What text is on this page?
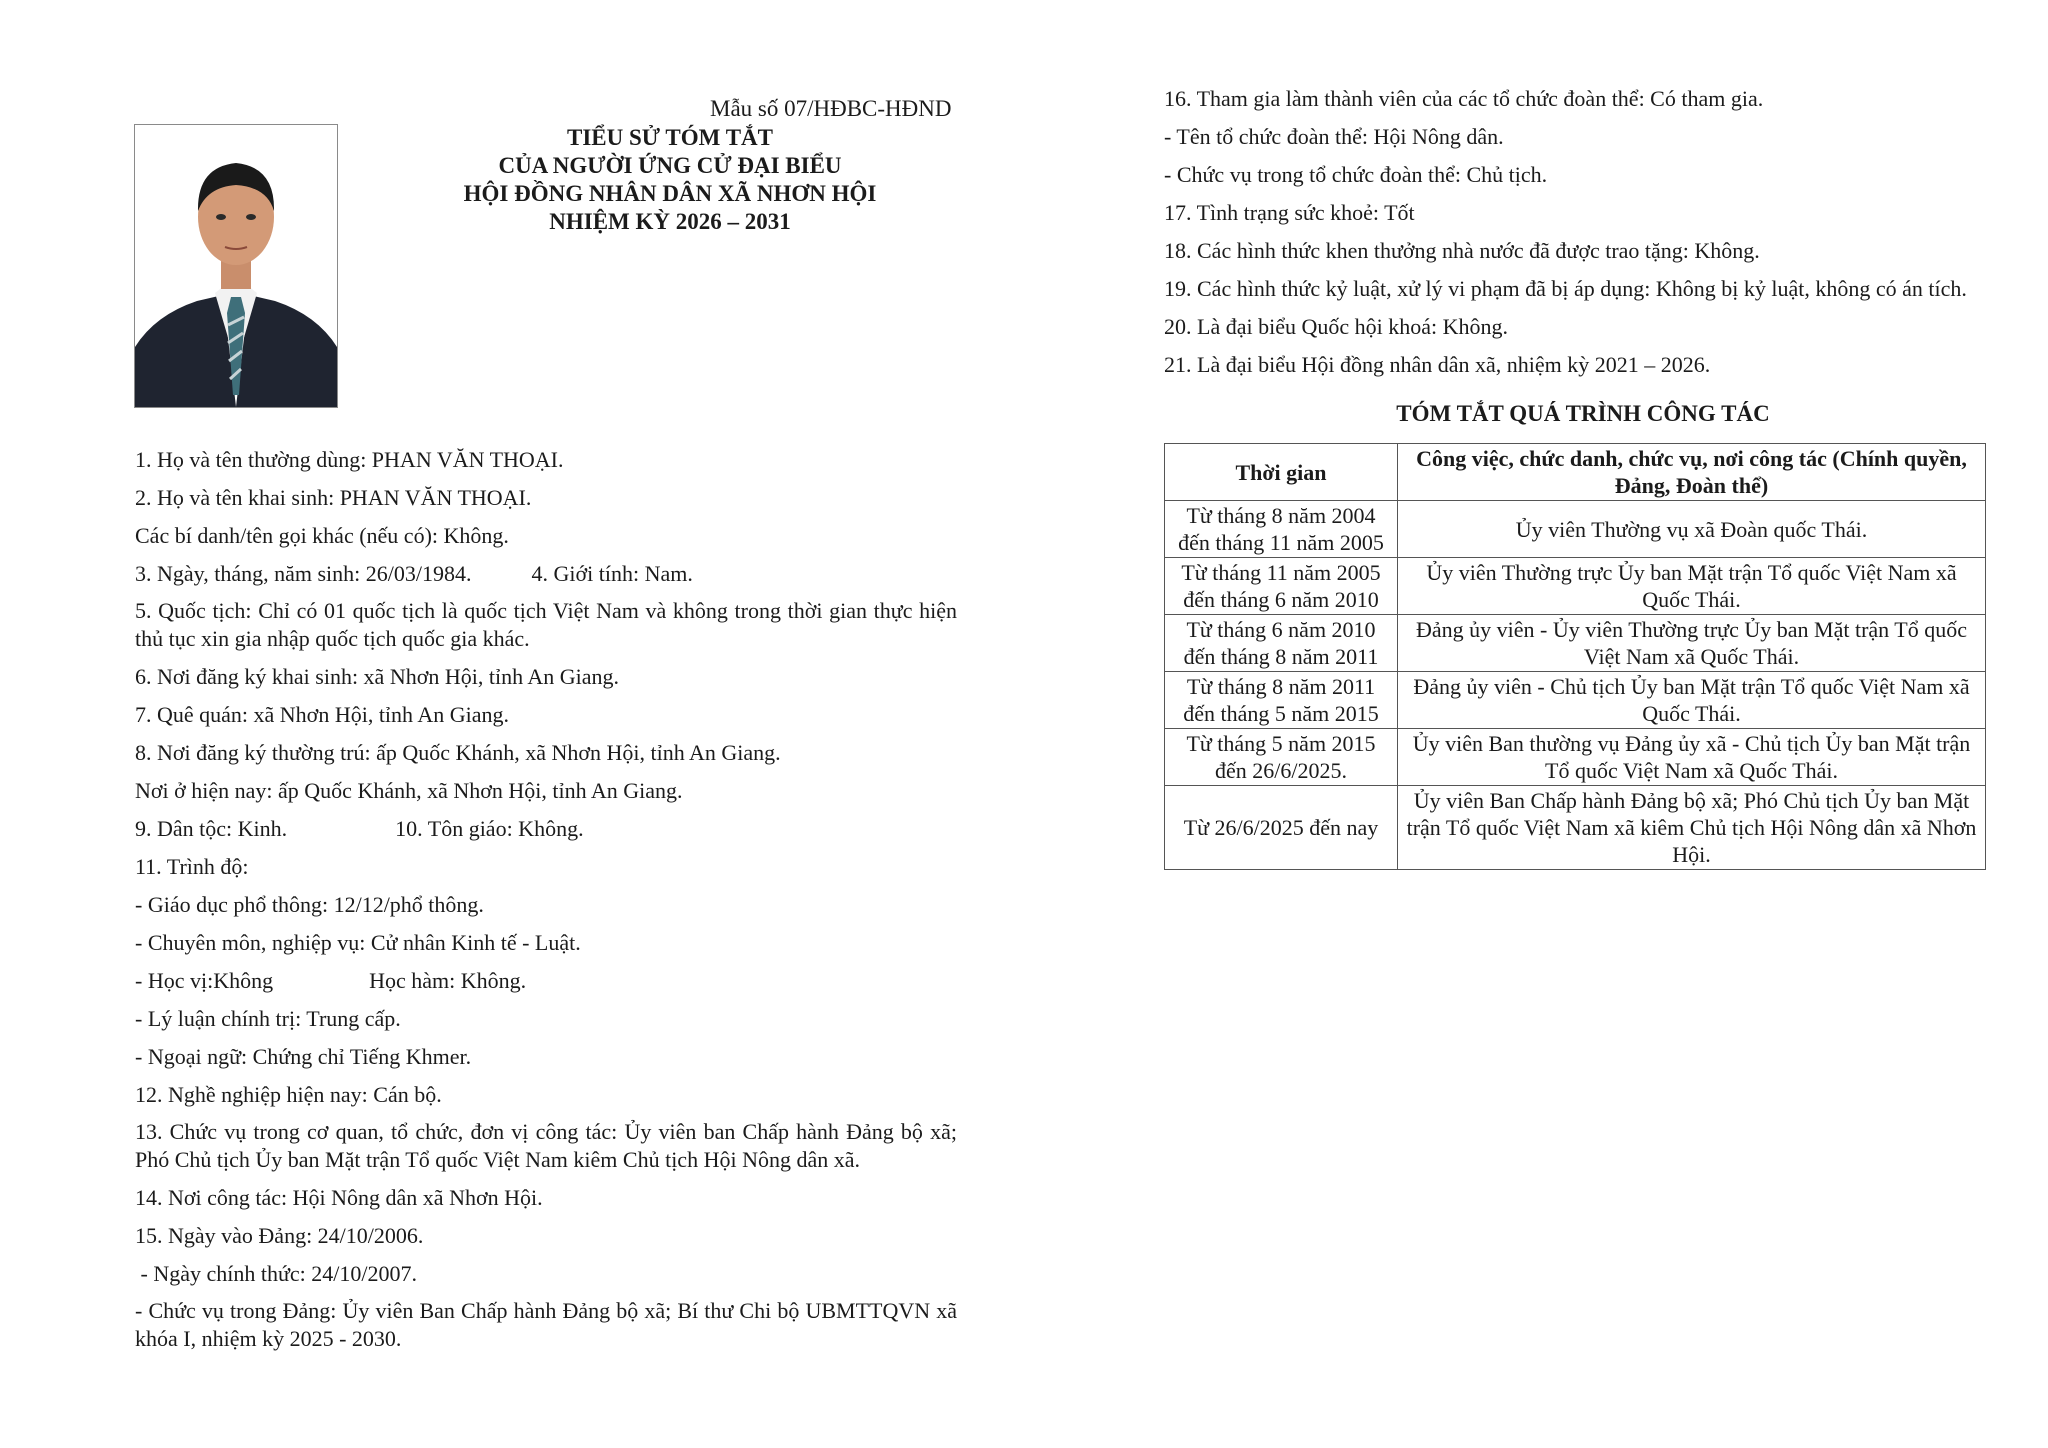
Mẫu số 07/HĐBC-HĐND
TIỂU SỬ TÓM TẮT
CỦA NGƯỜI ỨNG CỬ ĐẠI BIỂU
HỘI ĐỒNG NHÂN DÂN XÃ NHƠN HỘI
NHIỆM KỲ 2026 – 2031
1. Họ và tên thường dùng: PHAN VĂN THOẠI.
2. Họ và tên khai sinh: PHAN VĂN THOẠI.
Các bí danh/tên gọi khác (nếu có): Không.
3. Ngày, tháng, năm sinh: 26/03/1984.	4. Giới tính: Nam.
5. Quốc tịch: Chỉ có 01 quốc tịch là quốc tịch Việt Nam và không trong thời gian thực hiện thủ tục xin gia nhập quốc tịch quốc gia khác.
6. Nơi đăng ký khai sinh: xã Nhơn Hội, tỉnh An Giang.
7. Quê quán: xã Nhơn Hội, tỉnh An Giang.
8. Nơi đăng ký thường trú: ấp Quốc Khánh, xã Nhơn Hội, tỉnh An Giang.
Nơi ở hiện nay: ấp Quốc Khánh, xã Nhơn Hội, tỉnh An Giang.
9. Dân tộc: Kinh.	10. Tôn giáo: Không.
11. Trình độ:
- Giáo dục phổ thông: 12/12/phổ thông.
- Chuyên môn, nghiệp vụ: Cử nhân Kinh tế - Luật.
- Học vị:Không	Học hàm: Không.
- Lý luận chính trị: Trung cấp.
- Ngoại ngữ: Chứng chỉ Tiếng Khmer.
12. Nghề nghiệp hiện nay: Cán bộ.
13. Chức vụ trong cơ quan, tổ chức, đơn vị công tác: Ủy viên ban Chấp hành Đảng bộ xã; Phó Chủ tịch Ủy ban Mặt trận Tổ quốc Việt Nam kiêm Chủ tịch Hội Nông dân xã.
14. Nơi công tác: Hội Nông dân xã Nhơn Hội.
15. Ngày vào Đảng: 24/10/2006.
- Ngày chính thức: 24/10/2007.
- Chức vụ trong Đảng: Ủy viên Ban Chấp hành Đảng bộ xã; Bí thư Chi bộ UBMTTQVN xã khóa I, nhiệm kỳ 2025 - 2030.
16. Tham gia làm thành viên của các tổ chức đoàn thể: Có tham gia.
- Tên tổ chức đoàn thể: Hội Nông dân.
- Chức vụ trong tổ chức đoàn thể: Chủ tịch.
17. Tình trạng sức khoẻ: Tốt
18. Các hình thức khen thưởng nhà nước đã được trao tặng: Không.
19. Các hình thức kỷ luật, xử lý vi phạm đã bị áp dụng: Không bị kỷ luật, không có án tích.
20. Là đại biểu Quốc hội khoá: Không.
21. Là đại biểu Hội đồng nhân dân xã, nhiệm kỳ 2021 – 2026.
TÓM TẮT QUÁ TRÌNH CÔNG TÁC
Thời gian	Công việc, chức danh, chức vụ, nơi công tác (Chính quyền, Đảng, Đoàn thể)
Từ tháng 8 năm 2004 đến tháng 11 năm 2005	Ủy viên Thường vụ xã Đoàn quốc Thái.
Từ tháng 11 năm 2005 đến tháng 6 năm 2010	Ủy viên Thường trực Ủy ban Mặt trận Tổ quốc Việt Nam xã Quốc Thái.
Từ tháng 6 năm 2010 đến tháng 8 năm 2011	Đảng ủy viên - Ủy viên Thường trực Ủy ban Mặt trận Tổ quốc Việt Nam xã Quốc Thái.
Từ tháng 8 năm 2011 đến tháng 5 năm 2015	Đảng ủy viên - Chủ tịch Ủy ban Mặt trận Tổ quốc Việt Nam xã Quốc Thái.
Từ tháng 5 năm 2015 đến 26/6/2025.	Ủy viên Ban thường vụ Đảng ủy xã - Chủ tịch Ủy ban Mặt trận Tổ quốc Việt Nam xã Quốc Thái.
Từ 26/6/2025 đến nay	Ủy viên Ban Chấp hành Đảng bộ xã; Phó Chủ tịch Ủy ban Mặt trận Tổ quốc Việt Nam xã kiêm Chủ tịch Hội Nông dân xã Nhơn Hội.
